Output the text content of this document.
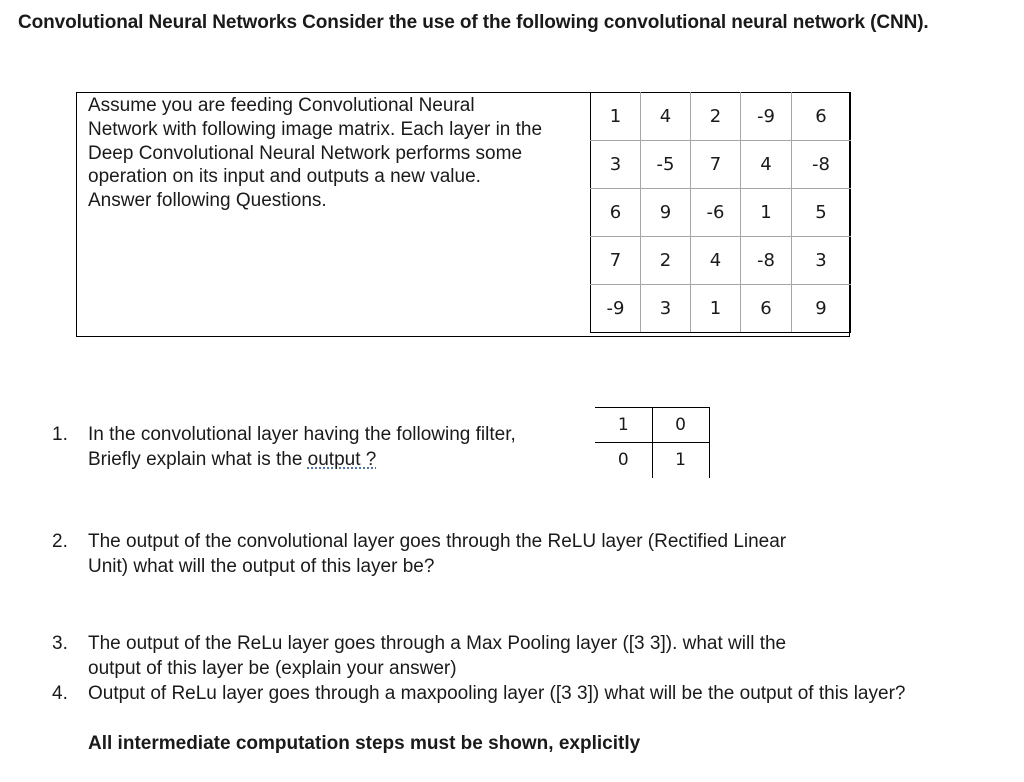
Convolutional Neural Networks Consider the use of the following convolutional neural network (CNN).
Assume you are feeding Convolutional Neural
Network with following image matrix. Each layer in the
Deep Convolutional Neural Network performs some
operation on its input and outputs a new value.
Answer following Questions.
1	4	2	-9	6
3	-5	7	4	-8
6	9	-6	1	5
7	2	4	-8	3
-9	3	1	6	9
1. In the convolutional layer having the following filter,
Briefly explain what is the output ?
1	0
0	1
2. The output of the convolutional layer goes through the ReLU layer (Rectified Linear
Unit) what will the output of this layer be?
3. The output of the ReLu layer goes through a Max Pooling layer ([3 3]). what will the
output of this layer be (explain your answer)
4. Output of ReLu layer goes through a maxpooling layer ([3 3]) what will be the output of this layer?
All intermediate computation steps must be shown, explicitly
